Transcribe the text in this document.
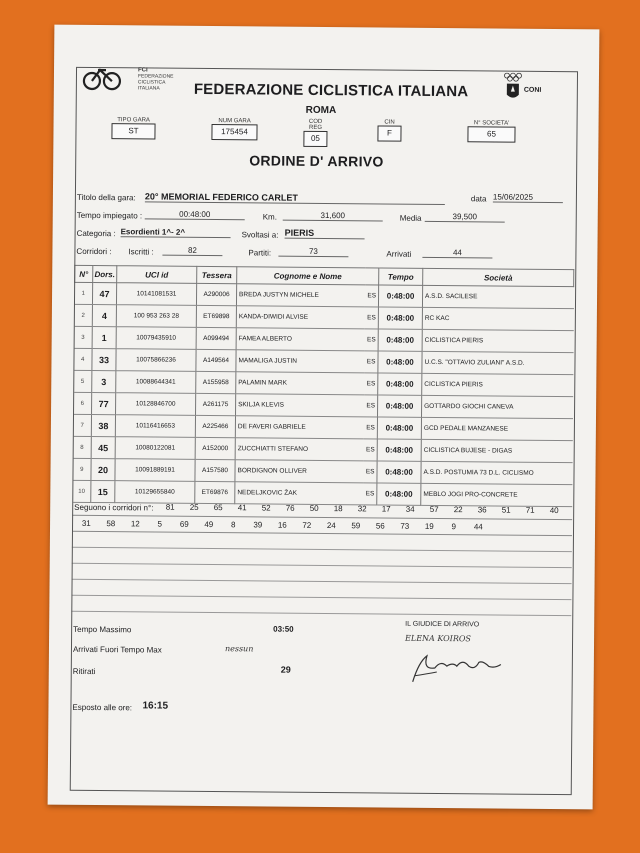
FCI
FEDERAZIONE
CICLISTICA
ITALIANA	FEDERAZIONE CICLISTICA ITALIANA
ROMA
CONI
TIPO GARA
ST
NUM GARA
175454
COD REG
05
CIN
F
N° SOCIETA'
65
ORDINE D' ARRIVO
Titolo della gara: 20° MEMORIAL FEDERICO CARLET	data 15/06/2025
Tempo impiegato :	00:48:00	Km.	31,600	Media	39,500
Categoria : Esordienti 1^- 2^	Svoltasi a: PIERIS
Corridori : Iscritti :	82	Partiti:	73	Arrivati	44
N°	Dors.	UCI id	Tessera	Cognome e Nome		Tempo	Società
1	47	10141081531	A290006	BREDA JUSTYN MICHELE	ES	0:48:00	A.S.D. SACILESE
2	4	100 953 263 28	ET69898	KANDA-DIWIDI ALVISE	ES	0:48:00	RC KAC
3	1	10079435910	A099494	FAMEA ALBERTO	ES	0:48:00	CICLISTICA PIERIS
4	33	10075866236	A149564	MAMALIGA JUSTIN	ES	0:48:00	U.C.S. "OTTAVIO ZULIANI" A.S.D.
5	3	10088644341	A155958	PALAMIN MARK	ES	0:48:00	CICLISTICA PIERIS
6	77	10128846700	A261175	SKILJA KLEVIS	ES	0:48:00	GOTTARDO GIOCHI CANEVA
7	38	10116416653	A225466	DE FAVERI GABRIELE	ES	0:48:00	GCD PEDALE MANZANESE
8	45	10080122081	A152000	ZUCCHIATTI STEFANO	ES	0:48:00	CICLISTICA BUJESE - DIGAS
9	20	10091889191	A157580	BORDIGNON OLLIVER	ES	0:48:00	A.S.D. POSTUMIA 73 D.L. CICLISMO
10	15	10129655840	ET69876	NEDELJKOVIC ŽAK	ES	0:48:00	MEBLO JOGI PRO-CONCRETE
Seguono i corridori n°:	81	25	65	41	52	76	50	18	32	17	34	57	22	36	51	71	40
31	58	12	5	69	49	8	39	16	72	24	59	56	73	19	9	44
Tempo Massimo	03:50
Arrivati Fuori Tempo Max	nessun
Ritirati	29
Esposto alle ore: 16:15
IL GIUDICE DI ARRIVO
ELENA KOIROS
